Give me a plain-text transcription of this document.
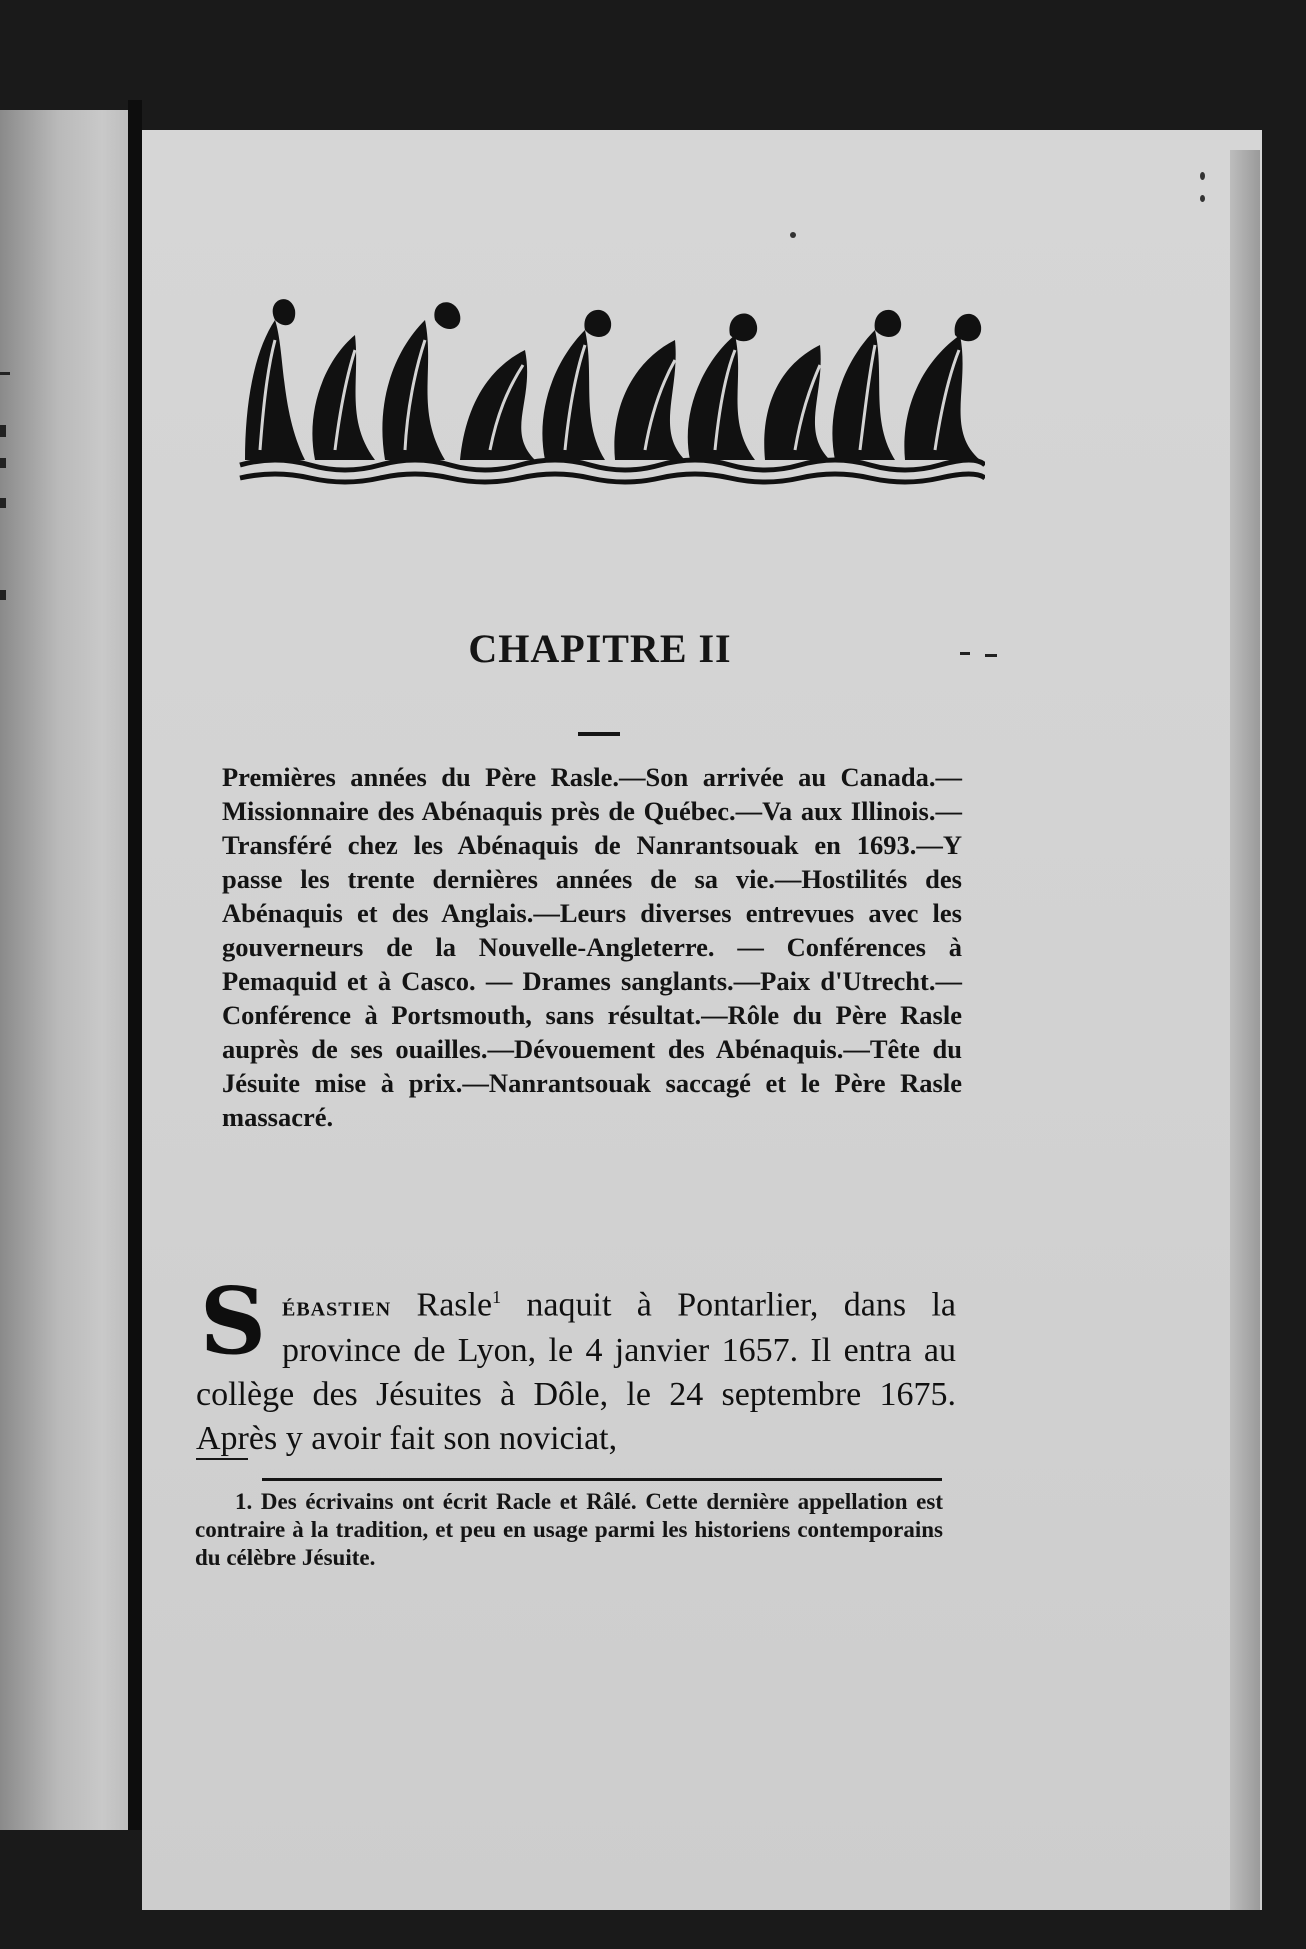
CHAPITRE II
Premières années du Père Rasle.—Son arrivée au Canada.—Missionnaire des Abénaquis près de Québec.—Va aux Illinois.—Transféré chez les Abénaquis de Nanrantsouak en 1693.—Y passe les trente dernières années de sa vie.—Hostilités des Abénaquis et des Anglais.—Leurs diverses entrevues avec les gouverneurs de la Nouvelle-Angleterre. — Conférences à Pemaquid et à Casco. — Drames sanglants.—Paix d'Utrecht.—Conférence à Portsmouth, sans résultat.—Rôle du Père Rasle auprès de ses ouailles.—Dévouement des Abénaquis.—Tête du Jésuite mise à prix.—Nanrantsouak saccagé et le Père Rasle massacré.
Sébastien Rasle$^1$ naquit à Pontarlier, dans la province de Lyon, le 4 janvier 1657. Il entra au collège des Jésuites à Dôle, le 24 septembre 1675. Après y avoir fait son noviciat,
1. Des écrivains ont écrit Racle et Râlé. Cette dernière appellation est contraire à la tradition, et peu en usage parmi les historiens contemporains du célèbre Jésuite.
